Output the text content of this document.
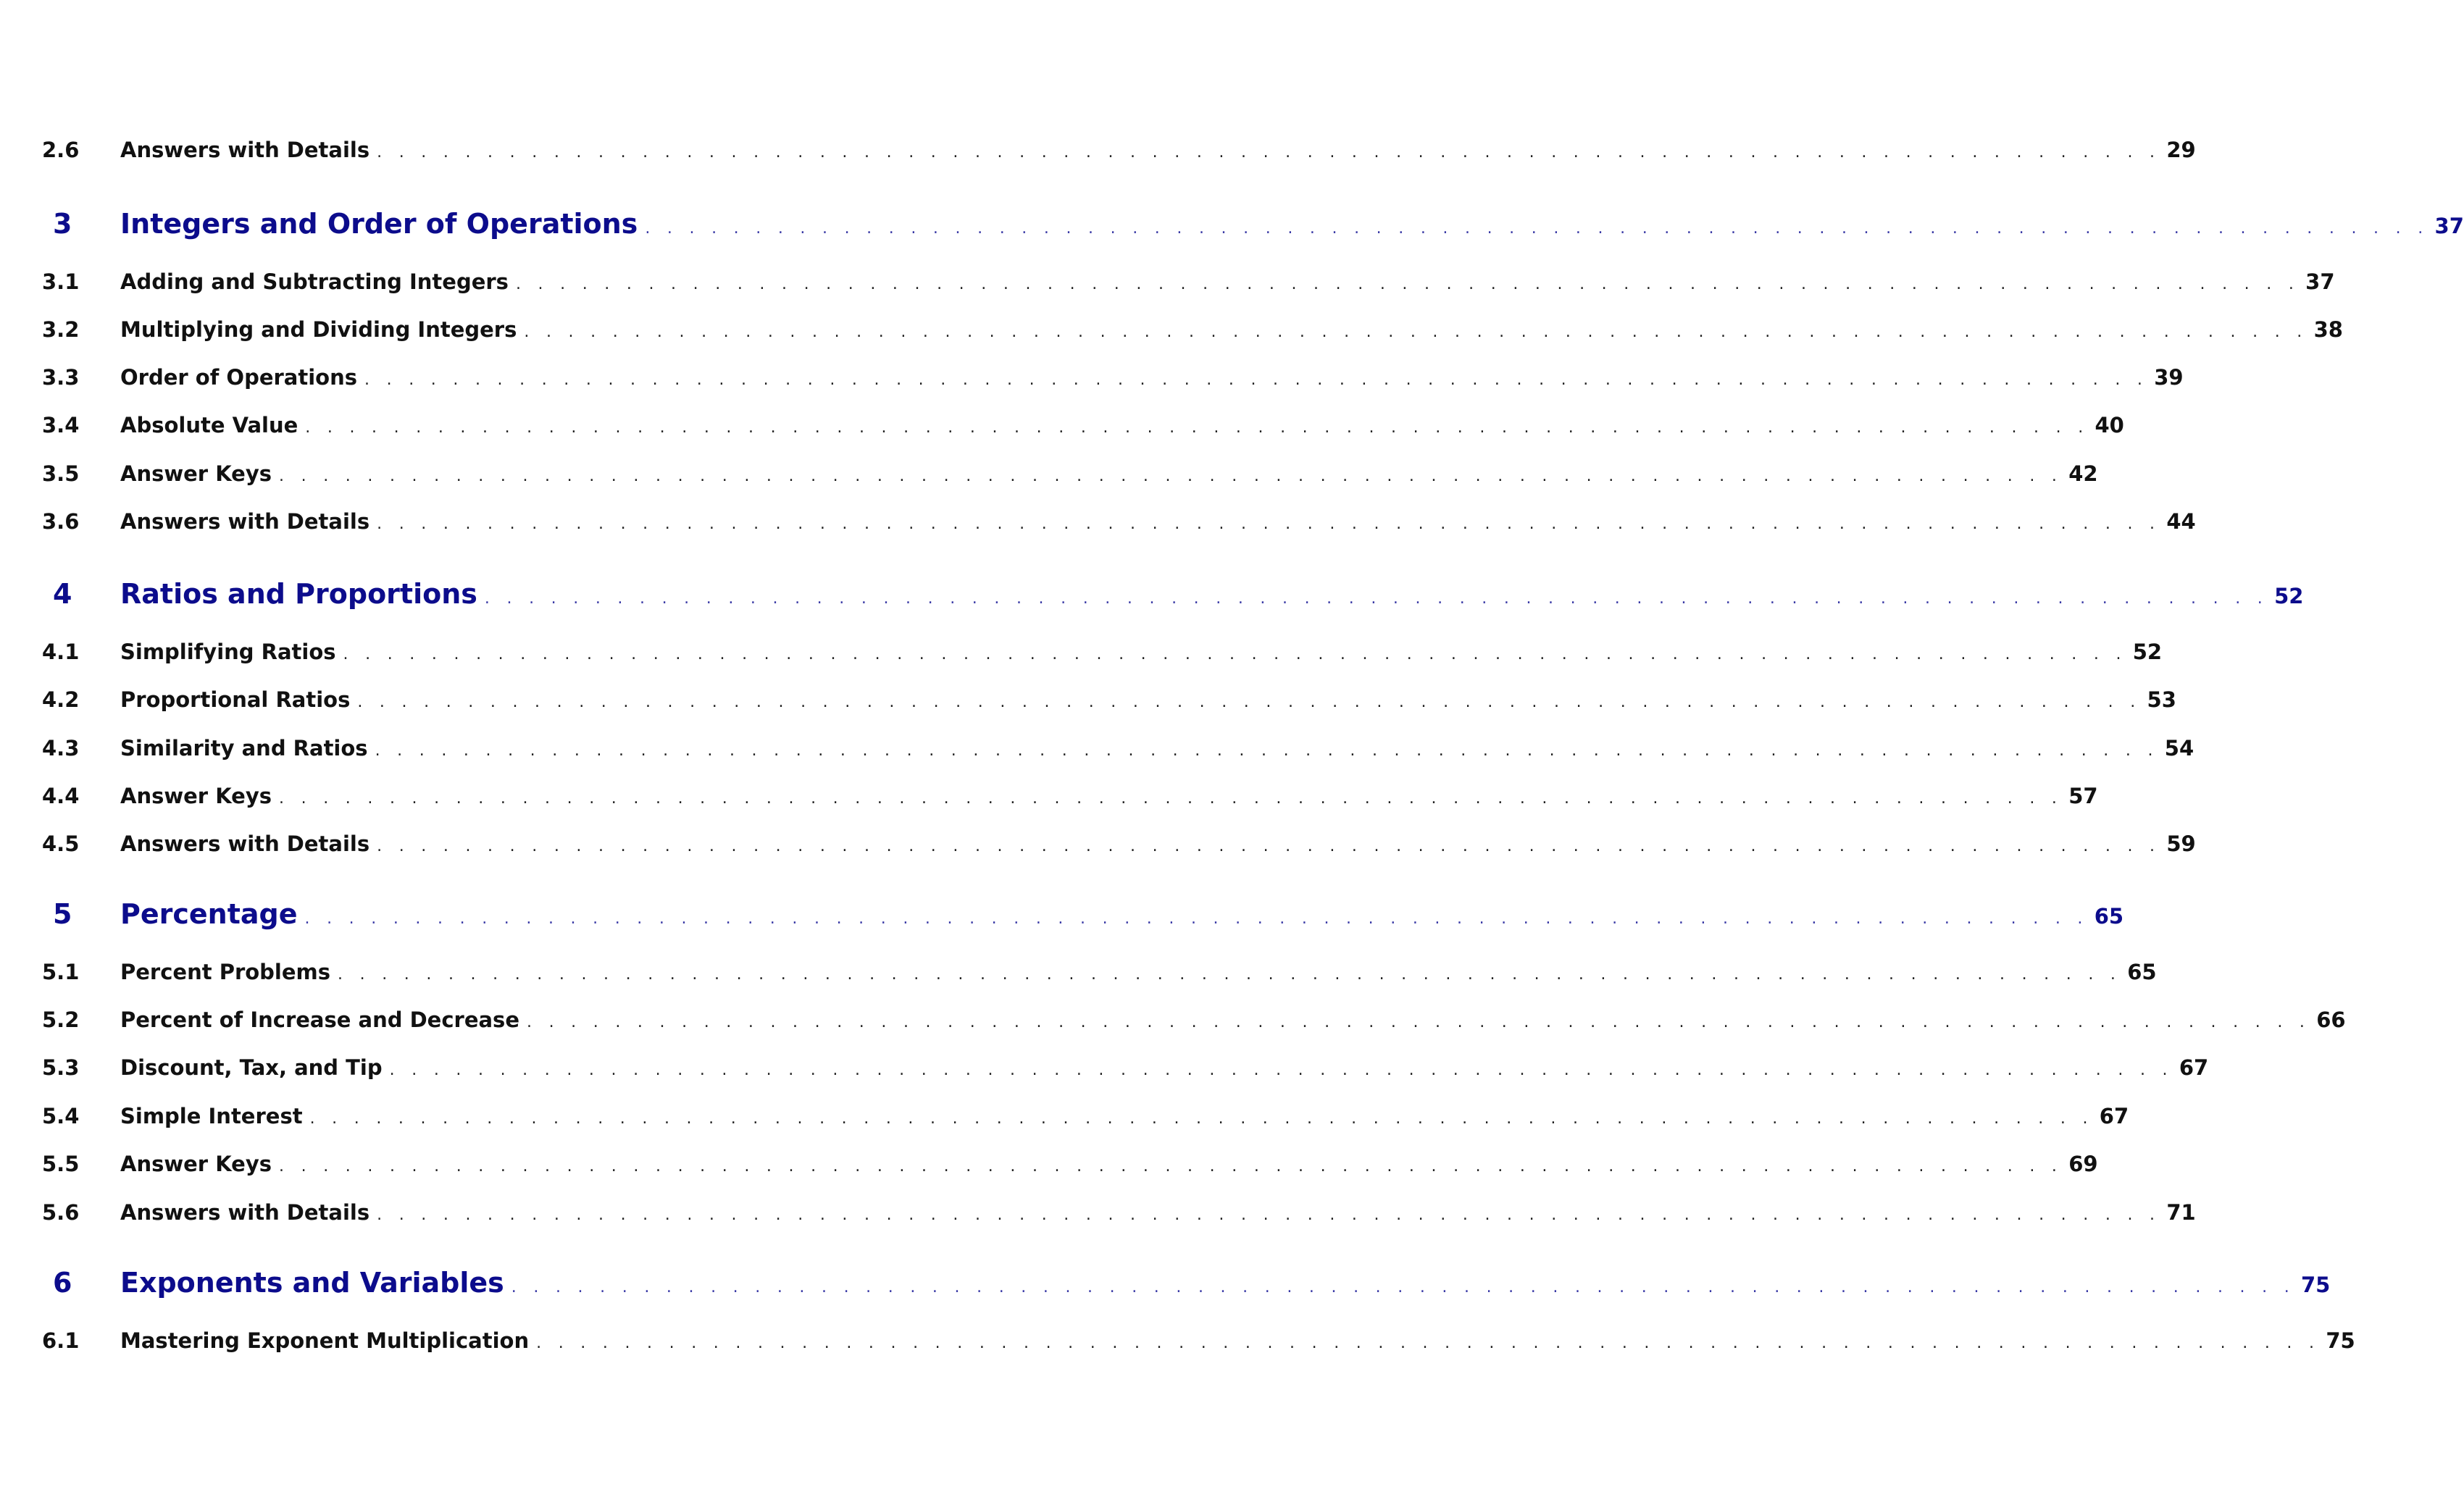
2.6	Answers with Details . . . . . . . . . . . . . . . . . . . . . . . . . . . . . . . . . . . . . . . . . . . . . . . . . . . . . . . . . . . . . . . . . . . . . . . . . . . . . . . . . 29
3	Integers and Order of Operations . . . . . . . . . . . . . . . . . . . . . . . . . . . . . . . . . . . . . . . . . . . . . . . . . . . . . . . . . . . . . . . . . . . . . . . . . . . . . . . . . 37
3.1	Adding and Subtracting Integers . . . . . . . . . . . . . . . . . . . . . . . . . . . . . . . . . . . . . . . . . . . . . . . . . . . . . . . . . . . . . . . . . . . . . . . . . . . . . . . . . 37
3.2	Multiplying and Dividing Integers . . . . . . . . . . . . . . . . . . . . . . . . . . . . . . . . . . . . . . . . . . . . . . . . . . . . . . . . . . . . . . . . . . . . . . . . . . . . . . . . . 38
3.3	Order of Operations . . . . . . . . . . . . . . . . . . . . . . . . . . . . . . . . . . . . . . . . . . . . . . . . . . . . . . . . . . . . . . . . . . . . . . . . . . . . . . . . . 39
3.4	Absolute Value . . . . . . . . . . . . . . . . . . . . . . . . . . . . . . . . . . . . . . . . . . . . . . . . . . . . . . . . . . . . . . . . . . . . . . . . . . . . . . . . . 40
3.5	Answer Keys . . . . . . . . . . . . . . . . . . . . . . . . . . . . . . . . . . . . . . . . . . . . . . . . . . . . . . . . . . . . . . . . . . . . . . . . . . . . . . . . . 42
3.6	Answers with Details . . . . . . . . . . . . . . . . . . . . . . . . . . . . . . . . . . . . . . . . . . . . . . . . . . . . . . . . . . . . . . . . . . . . . . . . . . . . . . . . . 44
4	Ratios and Proportions . . . . . . . . . . . . . . . . . . . . . . . . . . . . . . . . . . . . . . . . . . . . . . . . . . . . . . . . . . . . . . . . . . . . . . . . . . . . . . . . . 52
4.1	Simplifying Ratios . . . . . . . . . . . . . . . . . . . . . . . . . . . . . . . . . . . . . . . . . . . . . . . . . . . . . . . . . . . . . . . . . . . . . . . . . . . . . . . . . 52
4.2	Proportional Ratios . . . . . . . . . . . . . . . . . . . . . . . . . . . . . . . . . . . . . . . . . . . . . . . . . . . . . . . . . . . . . . . . . . . . . . . . . . . . . . . . . 53
4.3	Similarity and Ratios . . . . . . . . . . . . . . . . . . . . . . . . . . . . . . . . . . . . . . . . . . . . . . . . . . . . . . . . . . . . . . . . . . . . . . . . . . . . . . . . . 54
4.4	Answer Keys . . . . . . . . . . . . . . . . . . . . . . . . . . . . . . . . . . . . . . . . . . . . . . . . . . . . . . . . . . . . . . . . . . . . . . . . . . . . . . . . . 57
4.5	Answers with Details . . . . . . . . . . . . . . . . . . . . . . . . . . . . . . . . . . . . . . . . . . . . . . . . . . . . . . . . . . . . . . . . . . . . . . . . . . . . . . . . . 59
5	Percentage . . . . . . . . . . . . . . . . . . . . . . . . . . . . . . . . . . . . . . . . . . . . . . . . . . . . . . . . . . . . . . . . . . . . . . . . . . . . . . . . . 65
5.1	Percent Problems . . . . . . . . . . . . . . . . . . . . . . . . . . . . . . . . . . . . . . . . . . . . . . . . . . . . . . . . . . . . . . . . . . . . . . . . . . . . . . . . . 65
5.2	Percent of Increase and Decrease . . . . . . . . . . . . . . . . . . . . . . . . . . . . . . . . . . . . . . . . . . . . . . . . . . . . . . . . . . . . . . . . . . . . . . . . . . . . . . . . . 66
5.3	Discount, Tax, and Tip . . . . . . . . . . . . . . . . . . . . . . . . . . . . . . . . . . . . . . . . . . . . . . . . . . . . . . . . . . . . . . . . . . . . . . . . . . . . . . . . . 67
5.4	Simple Interest . . . . . . . . . . . . . . . . . . . . . . . . . . . . . . . . . . . . . . . . . . . . . . . . . . . . . . . . . . . . . . . . . . . . . . . . . . . . . . . . . 67
5.5	Answer Keys . . . . . . . . . . . . . . . . . . . . . . . . . . . . . . . . . . . . . . . . . . . . . . . . . . . . . . . . . . . . . . . . . . . . . . . . . . . . . . . . . 69
5.6	Answers with Details . . . . . . . . . . . . . . . . . . . . . . . . . . . . . . . . . . . . . . . . . . . . . . . . . . . . . . . . . . . . . . . . . . . . . . . . . . . . . . . . . 71
6	Exponents and Variables . . . . . . . . . . . . . . . . . . . . . . . . . . . . . . . . . . . . . . . . . . . . . . . . . . . . . . . . . . . . . . . . . . . . . . . . . . . . . . . . . 75
6.1	Mastering Exponent Multiplication . . . . . . . . . . . . . . . . . . . . . . . . . . . . . . . . . . . . . . . . . . . . . . . . . . . . . . . . . . . . . . . . . . . . . . . . . . . . . . . . . 75
